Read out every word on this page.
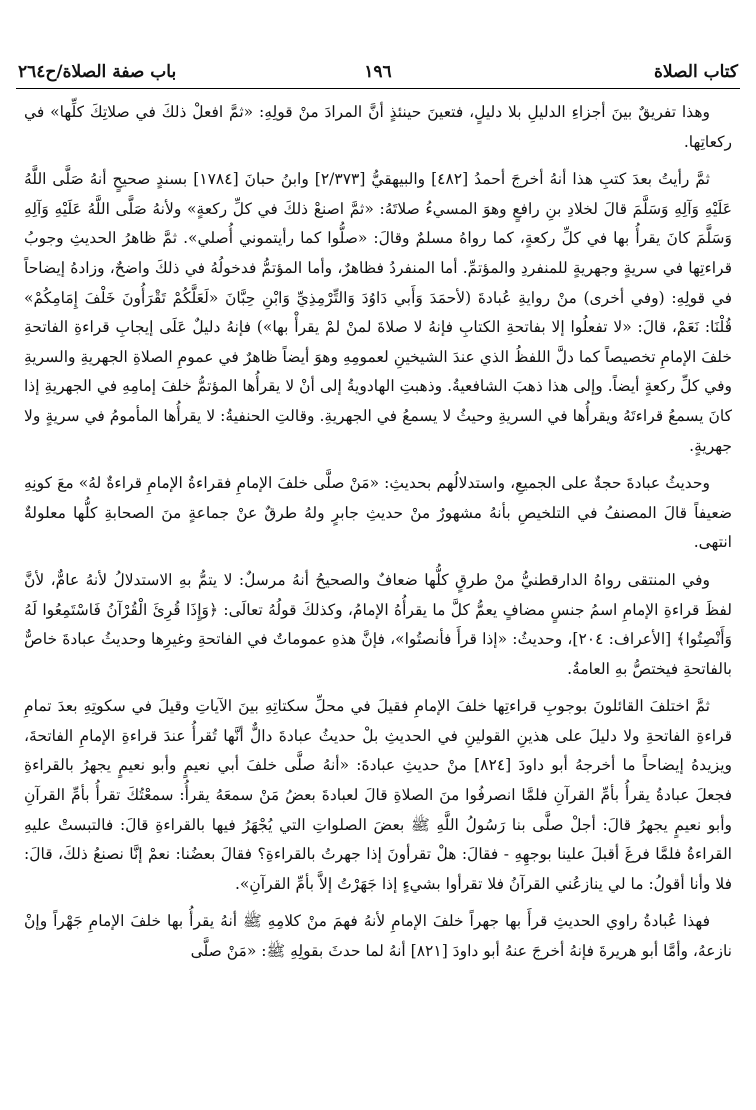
كتاب الصلاة
١٩٦
باب صفة الصلاة/ح٢٦٤

وهذا تفريقٌ بينَ أجزاءِ الدليلِ بلا دليلٍ، فتعينَ حينئذٍ أنَّ المرادَ منْ قولِهِ: «ثمَّ افعلْ ذلكَ في صلاتِكَ كلِّها» في ركعاتِها.

ثمَّ رأيتُ بعدَ كتبِ هذا أنهُ أخرجَ أحمدُ [٤٨٢] والبيهقيُّ [٢/٣٧٣] وابنُ حبانَ [١٧٨٤] بسندٍ صحيحٍ أنهُ صَلَّى اللَّهُ عَلَيْهِ وَآلِهِ وَسَلَّمَ قالَ لخلادِ بنِ رافعٍ وهوَ المسيءُ صلاتَهُ: «ثمَّ اصنعْ ذلكَ في كلِّ ركعةٍ» ولأنهُ صَلَّى اللَّهُ عَلَيْهِ وَآلِهِ وَسَلَّمَ كانَ يقرأُ بها في كلِّ ركعةٍ، كما رواهُ مسلمٌ وقالَ: «صلُّوا كما رأيتموني أُصلي». ثمَّ ظاهرُ الحديثِ وجوبُ قراءتِها في سريةٍ وجهريةٍ للمنفردِ والمؤتمِّ. أما المنفردُ فظاهرٌ، وأما المؤتمُّ فدخولُهُ في ذلكَ واضحٌ، وزادهُ إيضاحاً في قولِهِ: (وفي أخرى) منْ روايةِ عُبادةَ (لأحمَدَ وَأَبي دَاوُدَ وَالتِّرْمِذِيِّ وَابْنِ حِبَّانَ «لَعَلَّكُمْ تَقْرَأُونَ خَلْفَ إِمَامِكُمْ» قُلْنَا: نَعَمْ، قالَ: «لا تفعلُوا إلا بفاتحةِ الكتابِ فإنهُ لا صلاةَ لمنْ لمْ يقرأْ بها») فإنهُ دليلٌ عَلَى إيجابِ قراءةِ الفاتحةِ خلفَ الإمامِ تخصيصاً كما دلَّ اللفظُ الذي عندَ الشيخينِ لعمومِهِ وهوَ أيضاً ظاهرٌ في عمومِ الصلاةِ الجهريةِ والسريةِ وفي كلِّ ركعةٍ أيضاً. وإلى هذا ذهبَ الشافعيةُ. وذهبتِ الهادويةُ إلى أنْ لا يقرأُها المؤتمُّ خلفَ إمامِهِ في الجهريةِ إذا كانَ يسمعُ قراءتَهُ ويقرأُها في السريةِ وحيثُ لا يسمعُ في الجهريةِ. وقالتِ الحنفيةُ: لا يقرأُها المأمومُ في سريةٍ ولا جهريةٍ.

وحديثُ عبادةَ حجةٌ على الجميعِ، واستدلالُهم بحديثِ: «مَنْ صلَّى خلفَ الإمامِ فقراءةُ الإمامِ قراءةٌ لهُ» معَ كونِهِ ضعيفاً قالَ المصنفُ في التلخيصِ بأنهُ مشهورٌ منْ حديثِ جابرٍ ولهُ طرقٌ عنْ جماعةٍ منَ الصحابةِ كلُّها معلولةٌ انتهى.

وفي المنتقى رواهُ الدارقطنيُّ منْ طرقٍ كلُّها ضعافٌ والصحيحُ أنهُ مرسلٌ: لا يتمُّ بهِ الاستدلالُ لأنهُ عامٌّ، لأنَّ لفظَ قراءةِ الإمامِ اسمُ جنسٍ مضافٍ يعمُّ كلَّ ما يقرأُهُ الإمامُ، وكذلكَ قولُهُ تعالَى: ﴿وَإِذَا قُرِئَ الْقُرْآنُ فَاسْتَمِعُوا لَهُ وَأَنْصِتُوا﴾ [الأعراف: ٢٠٤]، وحديثُ: «إذا قرأَ فأنصتُوا»، فإنَّ هذهِ عموماتٌ في الفاتحةِ وغيرِها وحديثُ عبادةَ خاصٌّ بالفاتحةِ فيختصُّ بهِ العامةُ.

ثمَّ اختلفَ القائلونَ بوجوبِ قراءتِها خلفَ الإمامِ فقيلَ في محلِّ سكتاتِهِ بينَ الآياتِ وقيلَ في سكوتِهِ بعدَ تمامِ قراءةِ الفاتحةِ ولا دليلَ على هذينِ القولينِ في الحديثِ بلْ حديثُ عبادةَ دالٌّ أنَّها تُقرأُ عندَ قراءةِ الإمامِ الفاتحةَ، ويزيدهُ إيضاحاً ما أخرجهُ أبو داودَ [٨٢٤] منْ حديثِ عبادةَ: «أنهُ صلَّى خلفَ أبي نعيمٍ وأبو نعيمٍ يجهرُ بالقراءةِ فجعلَ عبادةُ يقرأُ بأمِّ القرآنِ فلمَّا انصرفُوا منَ الصلاةِ قالَ لعبادةَ بعضُ مَنْ سمعَهُ يقرأُ: سمعْتُكَ تقرأُ بأمِّ القرآنِ وأبو نعيمٍ يجهرُ قالَ: أجلْ صلَّى بنا رَسُولُ اللَّهِ ﷺ بعضَ الصلواتِ التي يُجْهَرُ فيها بالقراءةِ قالَ: فالتبستْ عليهِ القراءةُ فلمَّا فرغَ أقبلَ علينا بوجهِهِ - فقالَ: هلْ تقرأونَ إذا جهرتُ بالقراءةِ؟ فقالَ بعضُنا: نعمْ إنَّا نصنعُ ذلكَ، قالَ: فلا وأنا أقولُ: ما لي ينازعُني القرآنُ فلا تقرأوا بشيءٍ إذا جَهَرْتُ إلاَّ بأمِّ القرآنِ».

فهذا عُبادةُ راوي الحديثِ قرأَ بها جهراً خلفَ الإمامِ لأنهُ فهمَ منْ كلامِهِ ﷺ أنهُ يقرأُ بها خلفَ الإمامِ جَهْراً وإنْ نازعهُ، وأمَّا أبو هريرةَ فإنهُ أخرجَ عنهُ أبو داودَ [٨٢١] أنهُ لما حدثَ بقولِهِ ﷺ: «مَنْ صلَّى
